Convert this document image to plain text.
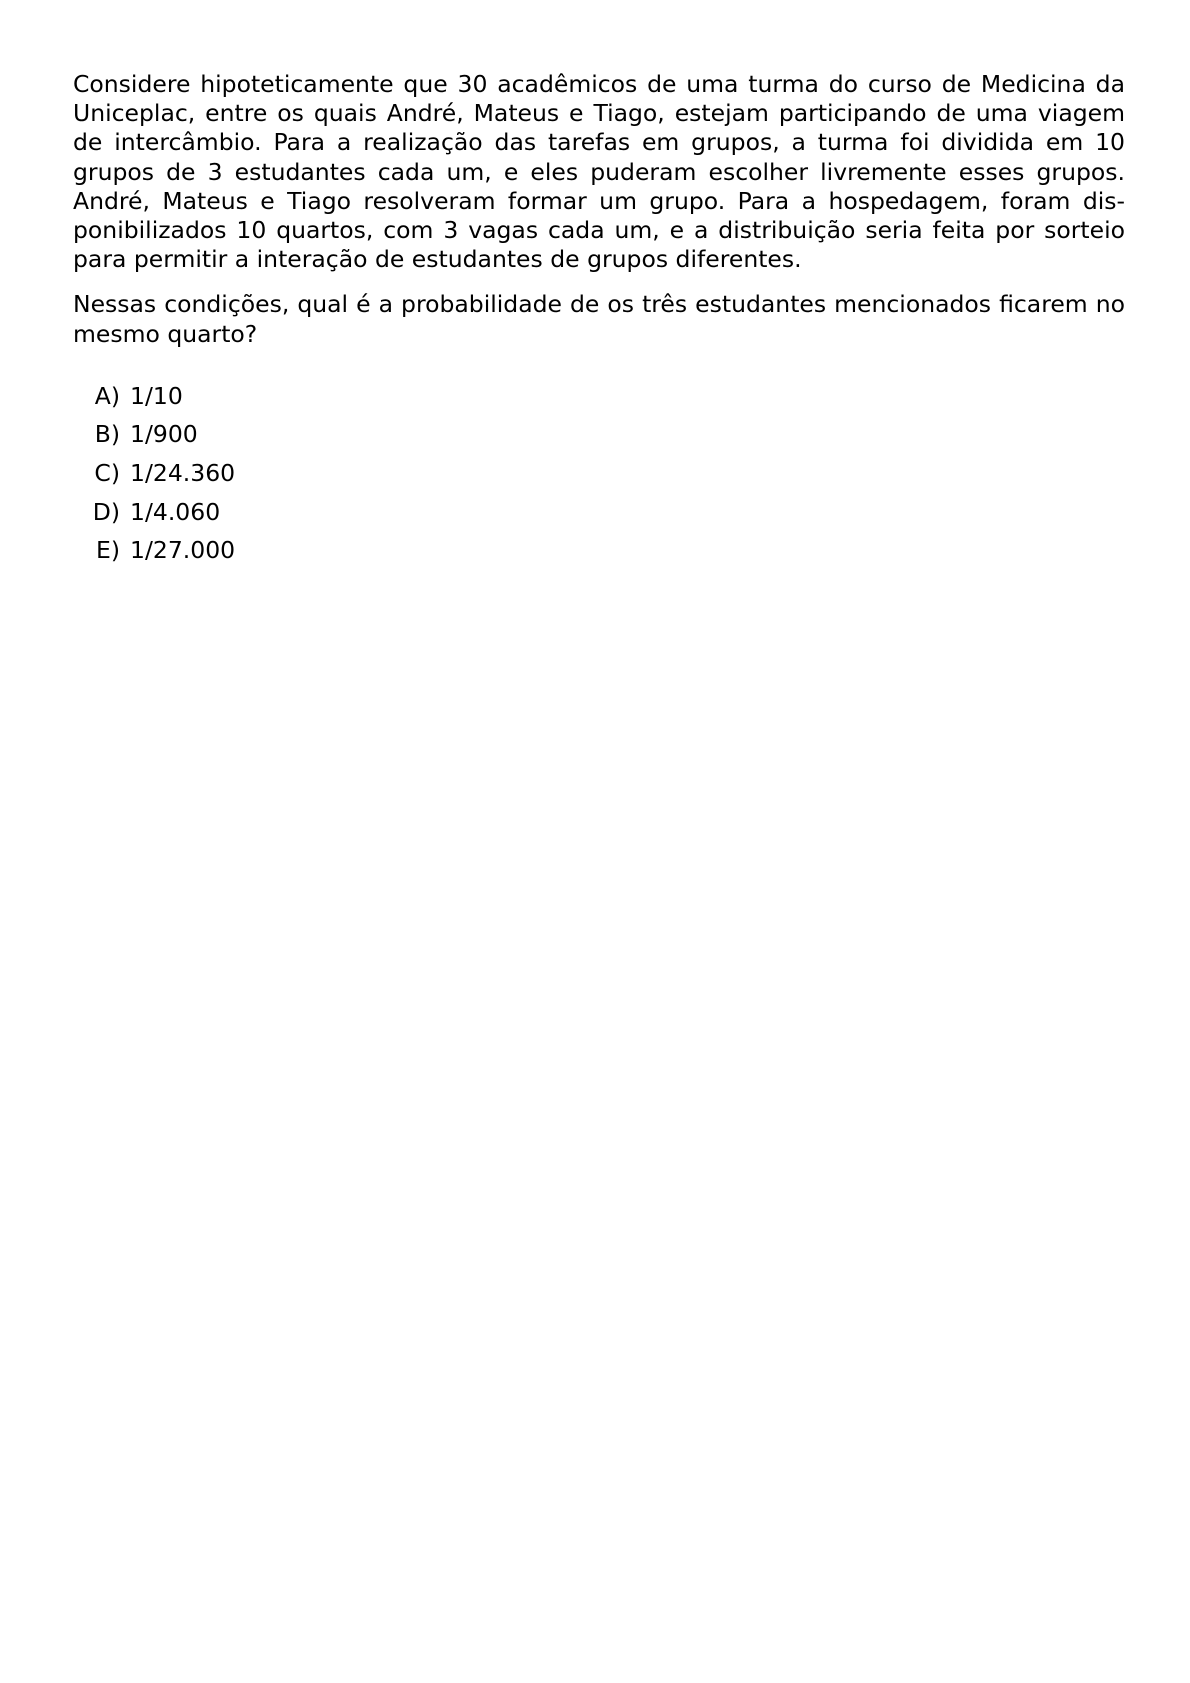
Considere hipoteticamente que 30 acadêmicos de uma turma do curso de Medicina da Uniceplac, entre os quais André, Mateus e Tiago, estejam participando de uma viagem de intercâmbio. Para a realização das tarefas em grupos, a turma foi dividida em 10 grupos de 3 estudantes cada um, e eles puderam escolher livremente esses grupos. André, Mateus e Tiago resolveram formar um grupo. Para a hospedagem, foram disponibilizados 10 quartos, com 3 vagas cada um, e a distribuição seria feita por sorteio para permitir a interação de estudantes de grupos diferentes.

Nessas condições, qual é a probabilidade de os três estudantes mencionados ficarem no mesmo quarto?

A) 1/10
B) 1/900
C) 1/24.360
D) 1/4.060
E) 1/27.000
